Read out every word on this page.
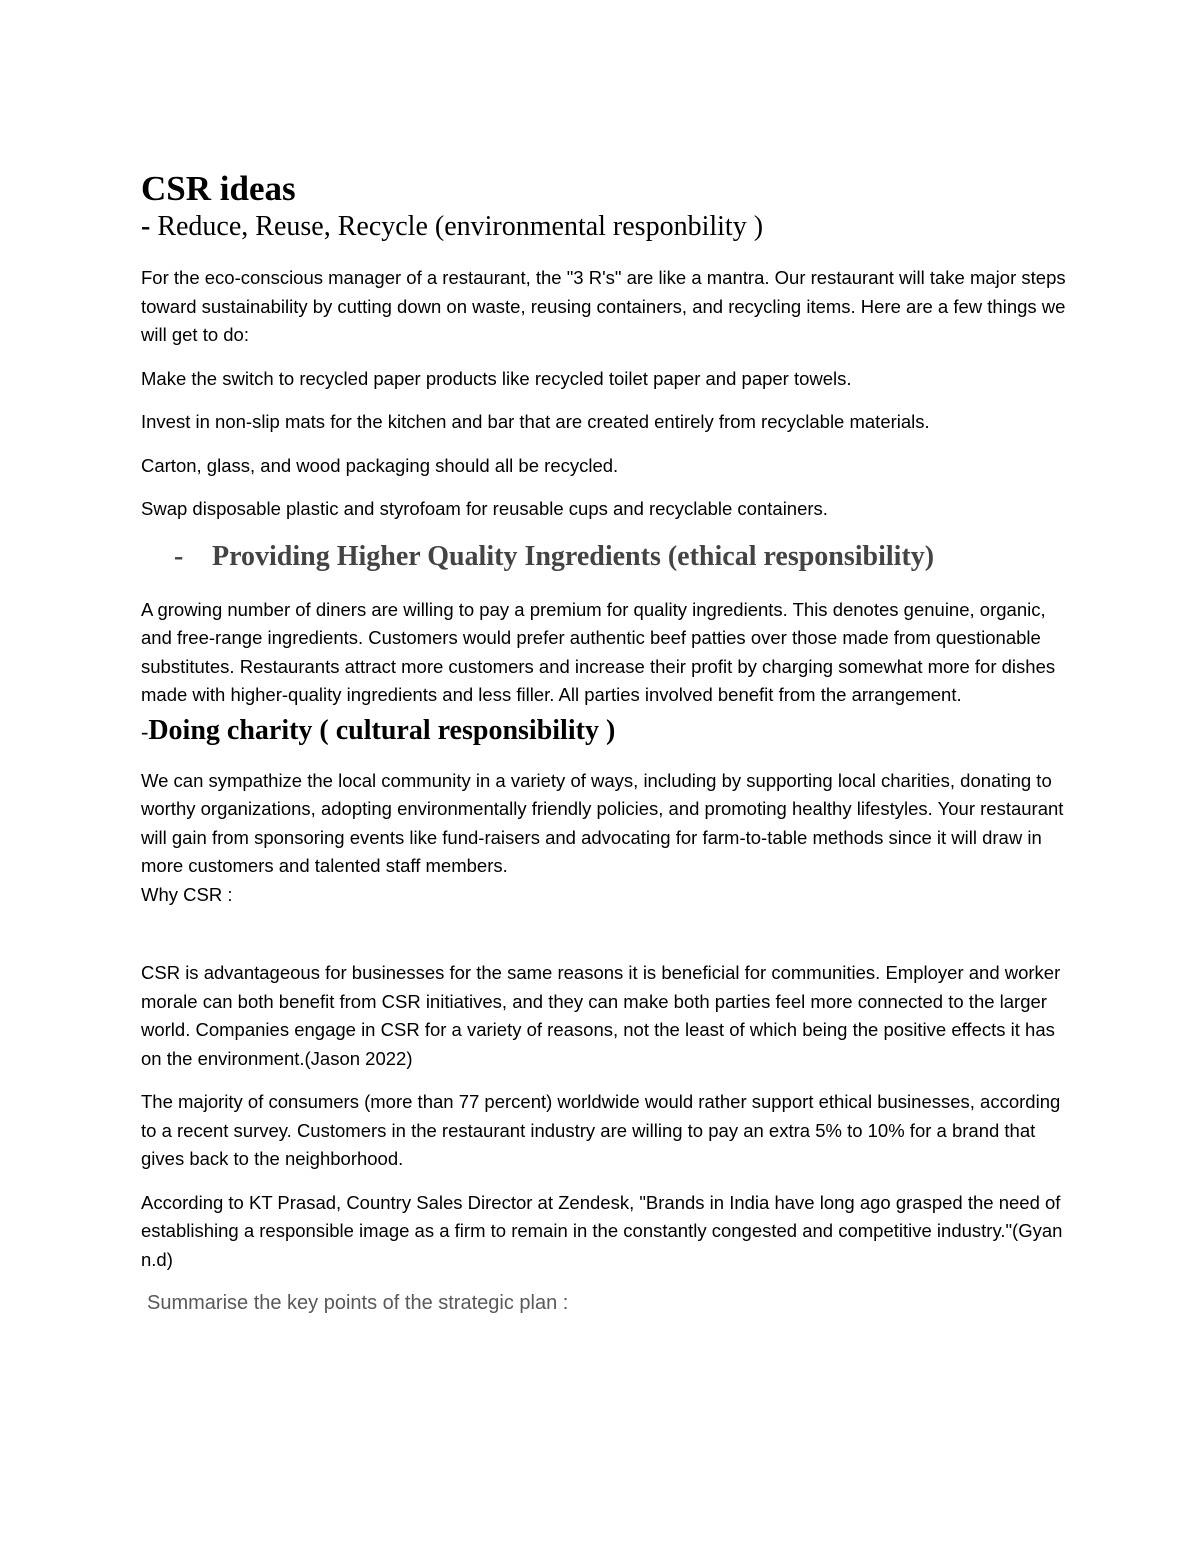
CSR ideas
- Reduce, Reuse, Recycle (environmental responbility )

For the eco-conscious manager of a restaurant, the "3 R's" are like a mantra. Our restaurant will take major steps toward sustainability by cutting down on waste, reusing containers, and recycling items. Here are a few things we will get to do:

Make the switch to recycled paper products like recycled toilet paper and paper towels.

Invest in non-slip mats for the kitchen and bar that are created entirely from recyclable materials.

Carton, glass, and wood packaging should all be recycled.

Swap disposable plastic and styrofoam for reusable cups and recyclable containers.

- Providing Higher Quality Ingredients (ethical responsibility)

A growing number of diners are willing to pay a premium for quality ingredients. This denotes genuine, organic, and free-range ingredients. Customers would prefer authentic beef patties over those made from questionable substitutes. Restaurants attract more customers and increase their profit by charging somewhat more for dishes made with higher-quality ingredients and less filler. All parties involved benefit from the arrangement.

-Doing charity ( cultural responsibility )

We can sympathize the local community in a variety of ways, including by supporting local charities, donating to worthy organizations, adopting environmentally friendly policies, and promoting healthy lifestyles. Your restaurant will gain from sponsoring events like fund-raisers and advocating for farm-to-table methods since it will draw in more customers and talented staff members.

Why CSR :

CSR is advantageous for businesses for the same reasons it is beneficial for communities. Employer and worker morale can both benefit from CSR initiatives, and they can make both parties feel more connected to the larger world. Companies engage in CSR for a variety of reasons, not the least of which being the positive effects it has on the environment.(Jason 2022)

The majority of consumers (more than 77 percent) worldwide would rather support ethical businesses, according to a recent survey. Customers in the restaurant industry are willing to pay an extra 5% to 10% for a brand that gives back to the neighborhood.

According to KT Prasad, Country Sales Director at Zendesk, "Brands in India have long ago grasped the need of establishing a responsible image as a firm to remain in the constantly congested and competitive industry."(Gyan n.d)

Summarise the key points of the strategic plan :
